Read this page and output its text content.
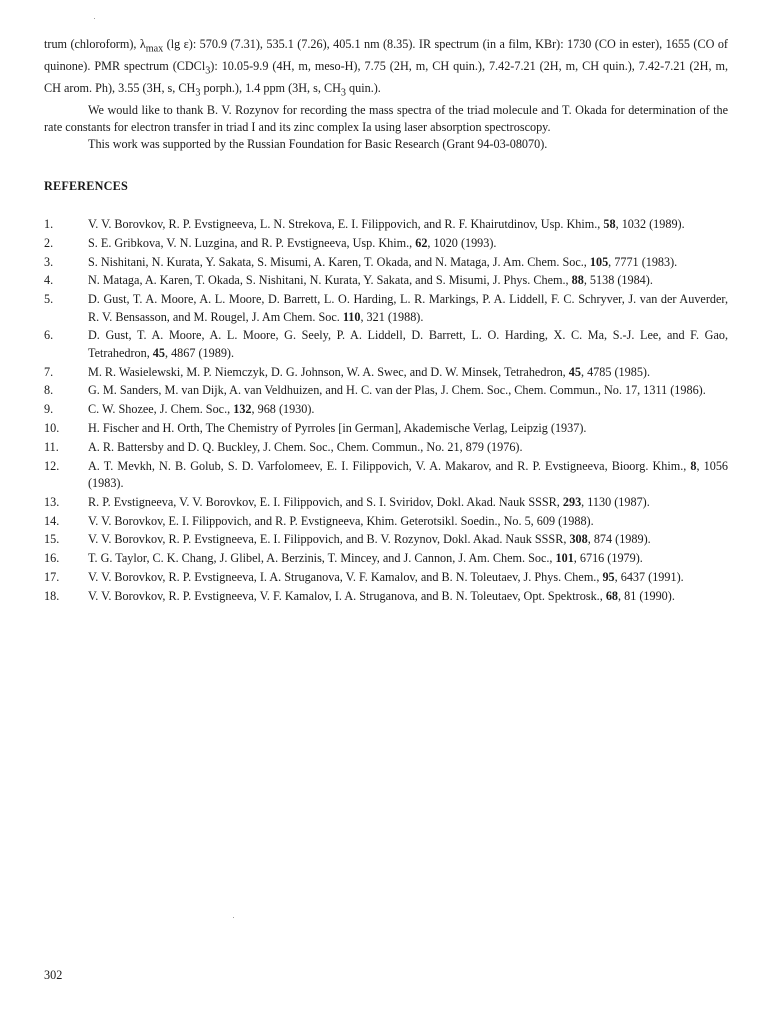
trum (chloroform), $\lambda_{max}$ (lg ε): 570.9 (7.31), 535.1 (7.26), 405.1 nm (8.35). IR spectrum (in a film, KBr): 1730 (CO in ester), 1655 (CO of quinone). PMR spectrum (CDCl$_3$): 10.05-9.9 (4H, m, meso-H), 7.75 (2H, m, CH quin.), 7.42-7.21 (2H, m, CH quin.), 7.42-7.21 (2H, m, CH arom. Ph), 3.55 (3H, s, $CH_3$ porph.), 1.4 ppm (3H, s, $CH_3$ quin.).

We would like to thank B. V. Rozynov for recording the mass spectra of the triad molecule and T. Okada for determination of the rate constants for electron transfer in triad I and its zinc complex Ia using laser absorption spectroscopy.

This work was supported by the Russian Foundation for Basic Research (Grant 94-03-08070).

REFERENCES
1.	V. V. Borovkov, R. P. Evstigneeva, L. N. Strekova, E. I. Filippovich, and R. F. Khairutdinov, Usp. Khim., 58, 1032 (1989).
2.	S. E. Gribkova, V. N. Luzgina, and R. P. Evstigneeva, Usp. Khim., 62, 1020 (1993).
3.	S. Nishitani, N. Kurata, Y. Sakata, S. Misumi, A. Karen, T. Okada, and N. Mataga, J. Am. Chem. Soc., 105, 7771 (1983).
4.	N. Mataga, A. Karen, T. Okada, S. Nishitani, N. Kurata, Y. Sakata, and S. Misumi, J. Phys. Chem., 88, 5138 (1984).
5.	D. Gust, T. A. Moore, A. L. Moore, D. Barrett, L. O. Harding, L. R. Markings, P. A. Liddell, F. C. Schryver, J. van der Auverder, R. V. Bensasson, and M. Rougel, J. Am Chem. Soc. 110, 321 (1988).
6.	D. Gust, T. A. Moore, A. L. Moore, G. Seely, P. A. Liddell, D. Barrett, L. O. Harding, X. C. Ma, S.-J. Lee, and F. Gao, Tetrahedron, 45, 4867 (1989).
7.	M. R. Wasielewski, M. P. Niemczyk, D. G. Johnson, W. A. Swec, and D. W. Minsek, Tetrahedron, 45, 4785 (1985).
8.	G. M. Sanders, M. van Dijk, A. van Veldhuizen, and H. C. van der Plas, J. Chem. Soc., Chem. Commun., No. 17, 1311 (1986).
9.	C. W. Shozee, J. Chem. Soc., 132, 968 (1930).
10.	H. Fischer and H. Orth, The Chemistry of Pyrroles [in German], Akademische Verlag, Leipzig (1937).
11.	A. R. Battersby and D. Q. Buckley, J. Chem. Soc., Chem. Commun., No. 21, 879 (1976).
12.	A. T. Mevkh, N. B. Golub, S. D. Varfolomeev, E. I. Filippovich, V. A. Makarov, and R. P. Evstigneeva, Bioorg. Khim., 8, 1056 (1983).
13.	R. P. Evstigneeva, V. V. Borovkov, E. I. Filippovich, and S. I. Sviridov, Dokl. Akad. Nauk SSSR, 293, 1130 (1987).
14.	V. V. Borovkov, E. I. Filippovich, and R. P. Evstigneeva, Khim. Geterotsikl. Soedin., No. 5, 609 (1988).
15.	V. V. Borovkov, R. P. Evstigneeva, E. I. Filippovich, and B. V. Rozynov, Dokl. Akad. Nauk SSSR, 308, 874 (1989).
16.	T. G. Taylor, C. K. Chang, J. Glibel, A. Berzinis, T. Mincey, and J. Cannon, J. Am. Chem. Soc., 101, 6716 (1979).
17.	V. V. Borovkov, R. P. Evstigneeva, I. A. Struganova, V. F. Kamalov, and B. N. Toleutaev, J. Phys. Chem., 95, 6437 (1991).
18.	V. V. Borovkov, R. P. Evstigneeva, V. F. Kamalov, I. A. Struganova, and B. N. Toleutaev, Opt. Spektrosk., 68, 81 (1990).
302
